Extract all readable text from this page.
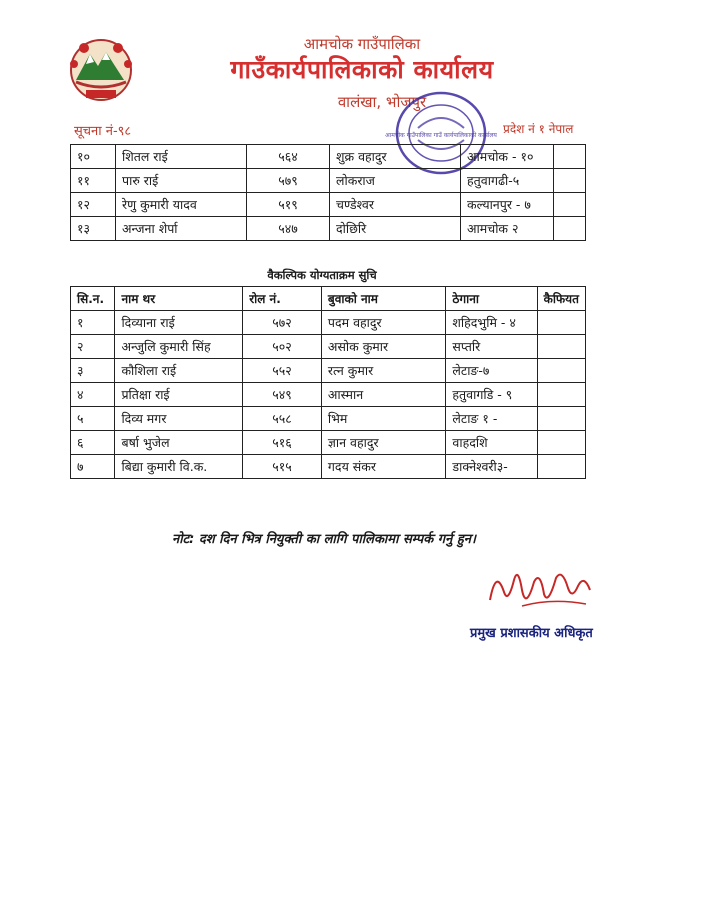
आमचोक गाउँपालिका
गाउँकार्यपालिकाको कार्यालय
वालंखा, भोजपुर
सूचना नं-९८	प्रदेश नं १ नेपाल
आमचोक गाउँपालिका गाउँ कार्यपालिकाको कार्यालय
१०	शितल राई	५६४	शुक्र वहादुर	आमचोक - १०	
११	पारु राई	५७९	लोकराज	हतुवागढी-५	
१२	रेणु कुमारी यादव	५१९	चण्डेश्वर	कल्यानपुर - ७	
१३	अन्जना शेर्पा	५४७	दोछिरि	आमचोक २	
वैकल्पिक योग्यताक्रम सुचि
सि.न.	नाम थर	रोल नं.	बुवाको नाम	ठेगाना	कैफियत
१	दिव्याना राई	५७२	पदम वहादुर	शहिदभुमि - ४	
२	अन्जुलि कुमारी सिंह	५०२	असोक कुमार	सप्तरि	
३	कौशिला राई	५५२	रत्न कुमार	लेटाङ-७	
४	प्रतिक्षा राई	५४९	आस्मान	हतुवागडि - ९	
५	दिव्य मगर	५५८	भिम	लेटाङ १ -	
६	बर्षा भुजेल	५१६	ज्ञान वहादुर	वाहदशि	
७	बिद्या कुमारी वि.क.	५१५	गदय संकर	डाक्नेश्वरी३-	
नोट: दश दिन भित्र नियुक्ती का लागि पालिकामा सम्पर्क गर्नु हुन।
प्रमुख प्रशासकीय अधिकृत
